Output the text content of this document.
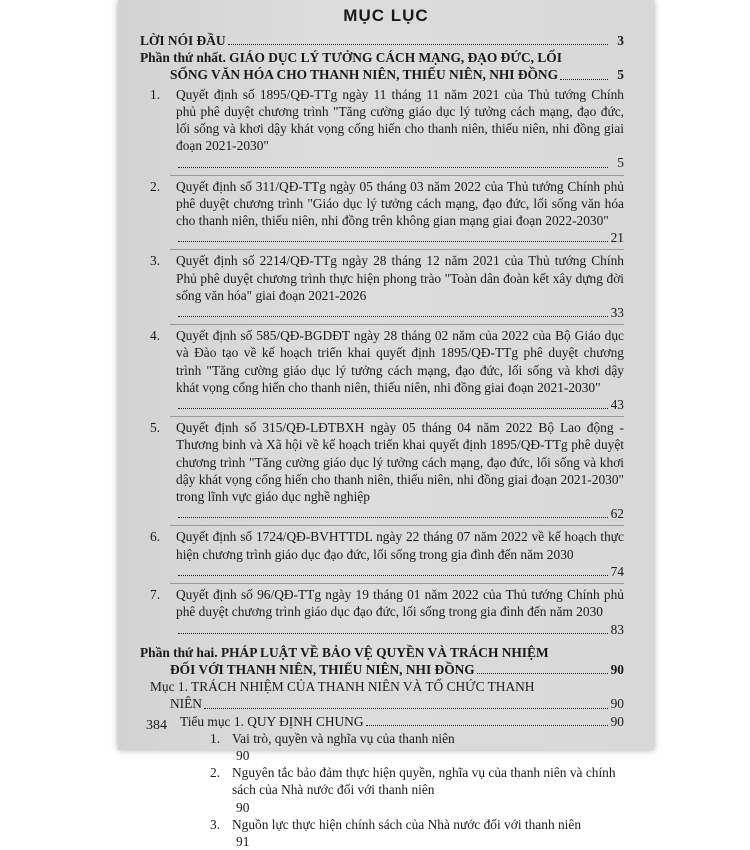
MỤC LỤC
LỜI NÓI ĐẦU	3
Phần thứ nhất. GIÁO DỤC LÝ TƯỞNG CÁCH MẠNG, ĐẠO ĐỨC, LỐI
SỐNG VĂN HÓA CHO THANH NIÊN, THIẾU NIÊN, NHI ĐỒNG	5
1.	Quyết định số 1895/QĐ-TTg ngày 11 tháng 11 năm 2021 của Thủ tướng Chính phủ phê duyệt chương trình "Tăng cường giáo dục lý tưởng cách mạng, đạo đức, lối sống và khơi dậy khát vọng cống hiến cho thanh niên, thiếu niên, nhi đồng giai đoạn 2021-2030"
5
2.	Quyết định số 311/QĐ-TTg ngày 05 tháng 03 năm 2022 của Thủ tướng Chính phủ phê duyệt chương trình "Giáo dục lý tưởng cách mạng, đạo đức, lối sống văn hóa cho thanh niên, thiếu niên, nhi đồng trên không gian mạng giai đoạn 2022-2030"
21
3.	Quyết định số 2214/QĐ-TTg ngày 28 tháng 12 năm 2021 của Thủ tướng Chính Phủ phê duyệt chương trình thực hiện phong trào "Toàn dân đoàn kết xây dựng đời sống văn hóa" giai đoạn 2021-2026
33
4.	Quyết định số 585/QĐ-BGDĐT ngày 28 tháng 02 năm của 2022 của Bộ Giáo dục và Đào tạo về kế hoạch triển khai quyết định 1895/QĐ-TTg phê duyệt chương trình "Tăng cường giáo dục lý tưởng cách mạng, đạo đức, lối sống và khơi dậy khát vọng cống hiến cho thanh niên, thiếu niên, nhi đồng giai đoạn 2021-2030"
43
5.	Quyết định số 315/QĐ-LĐTBXH ngày 05 tháng 04 năm 2022 Bộ Lao động - Thương binh và Xã hội về kế hoạch triển khai quyết định 1895/QĐ-TTg phê duyệt chương trình "Tăng cường giáo dục lý tưởng cách mạng, đạo đức, lối sống và khơi dậy khát vọng cống hiến cho thanh niên, thiếu niên, nhi đồng giai đoạn 2021-2030" trong lĩnh vực giáo dục nghề nghiệp
62
6.	Quyết định số 1724/QĐ-BVHTTDL ngày 22 tháng 07 năm 2022 về kế hoạch thực hiện chương trình giáo dục đạo đức, lối sống trong gia đình đến năm 2030
74
7.	Quyết định số 96/QĐ-TTg ngày 19 tháng 01 năm 2022 của Thủ tướng Chính phủ phê duyệt chương trình giáo dục đạo đức, lối sống trong gia đình đến năm 2030
83
Phần thứ hai. PHÁP LUẬT VỀ BẢO VỆ QUYỀN VÀ TRÁCH NHIỆM
ĐỐI VỚI THANH NIÊN, THIẾU NIÊN, NHI ĐỒNG	90
Mục 1. TRÁCH NHIỆM CỦA THANH NIÊN VÀ TỔ CHỨC THANH
NIÊN	90
Tiểu mục 1. QUY ĐỊNH CHUNG	90
1. Vai trò, quyền và nghĩa vụ của thanh niên
90
2. Nguyên tắc bảo đảm thực hiện quyền, nghĩa vụ của thanh niên và chính sách của Nhà nước đối với thanh niên
90
3. Nguồn lực thực hiện chính sách của Nhà nước đối với thanh niên
91
384
